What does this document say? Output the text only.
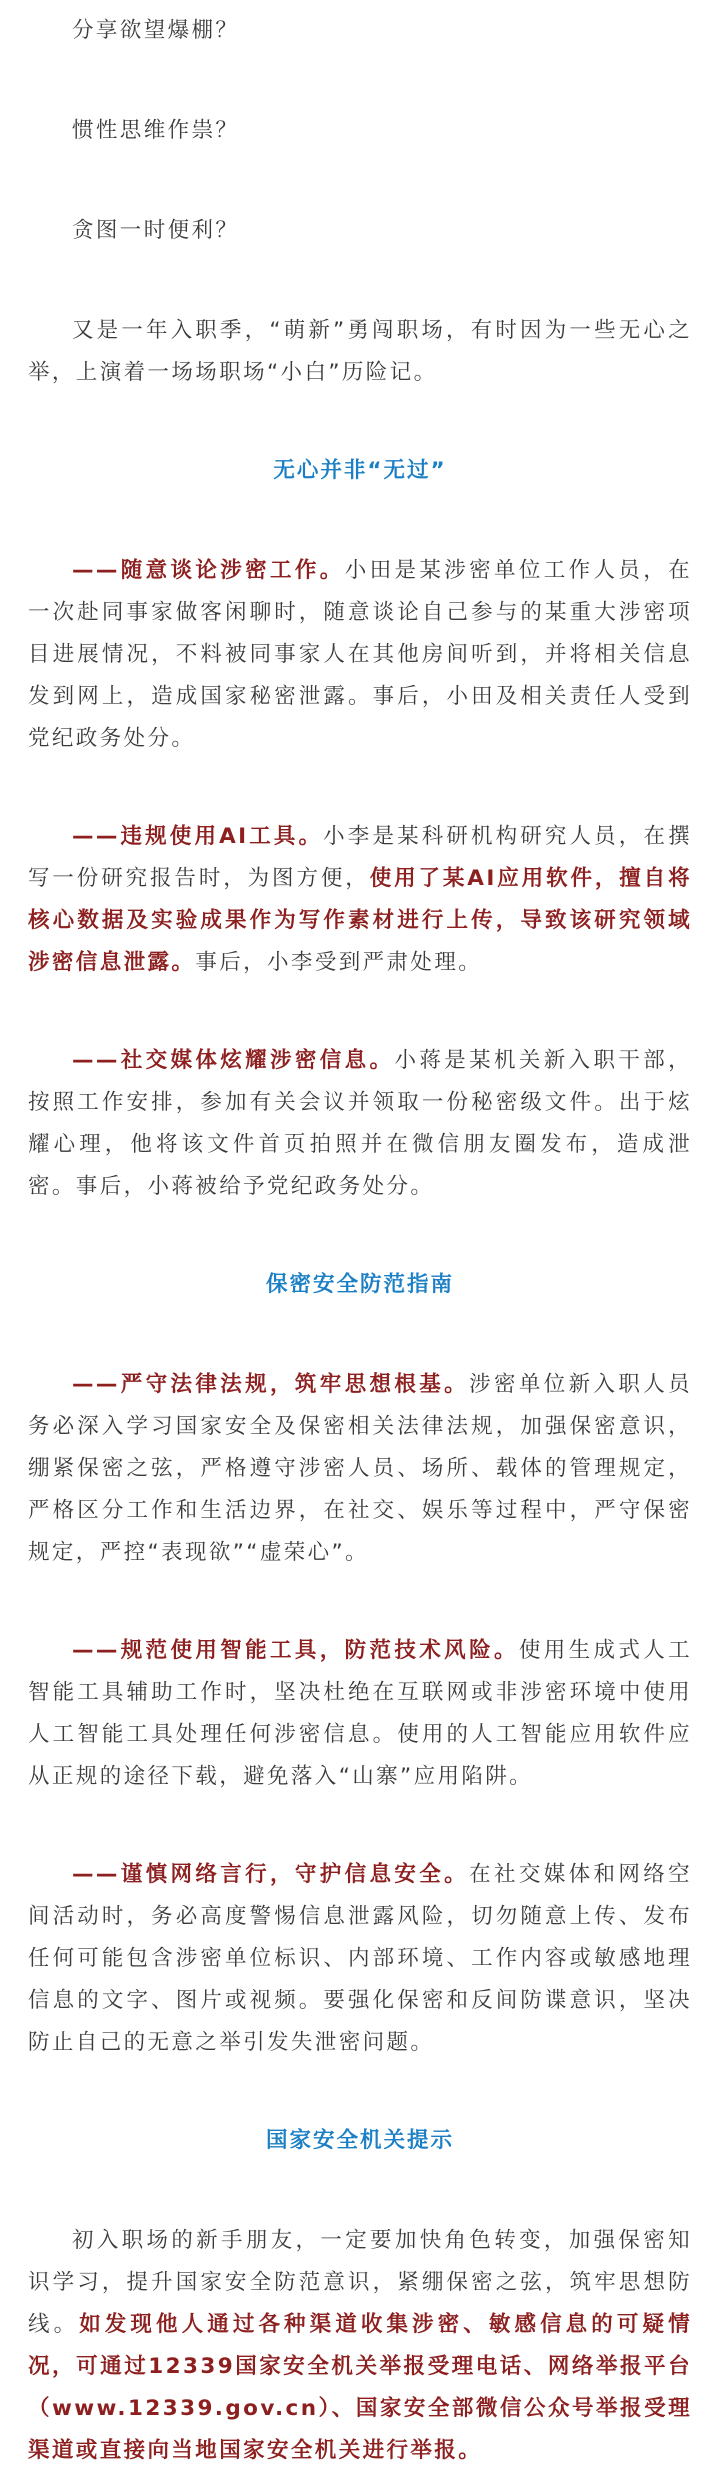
分享欲望爆棚？

惯性思维作祟？

贪图一时便利？

又是一年入职季，“萌新”勇闯职场，有时因为一些无心之举，上演着一场场职场“小白”历险记。

无心并非“无过”

——随意谈论涉密工作。小田是某涉密单位工作人员，在一次赴同事家做客闲聊时，随意谈论自己参与的某重大涉密项目进展情况，不料被同事家人在其他房间听到，并将相关信息发到网上，造成国家秘密泄露。事后，小田及相关责任人受到党纪政务处分。

——违规使用AI工具。小李是某科研机构研究人员，在撰写一份研究报告时，为图方便，使用了某AI应用软件，擅自将核心数据及实验成果作为写作素材进行上传，导致该研究领域涉密信息泄露。事后，小李受到严肃处理。

——社交媒体炫耀涉密信息。小蒋是某机关新入职干部，按照工作安排，参加有关会议并领取一份秘密级文件。出于炫耀心理，他将该文件首页拍照并在微信朋友圈发布，造成泄密。事后，小蒋被给予党纪政务处分。

保密安全防范指南

——严守法律法规，筑牢思想根基。涉密单位新入职人员务必深入学习国家安全及保密相关法律法规，加强保密意识，绷紧保密之弦，严格遵守涉密人员、场所、载体的管理规定，严格区分工作和生活边界，在社交、娱乐等过程中，严守保密规定，严控“表现欲”“虚荣心”。

——规范使用智能工具，防范技术风险。使用生成式人工智能工具辅助工作时，坚决杜绝在互联网或非涉密环境中使用人工智能工具处理任何涉密信息。使用的人工智能应用软件应从正规的途径下载，避免落入“山寨”应用陷阱。

——谨慎网络言行，守护信息安全。在社交媒体和网络空间活动时，务必高度警惕信息泄露风险，切勿随意上传、发布任何可能包含涉密单位标识、内部环境、工作内容或敏感地理信息的文字、图片或视频。要强化保密和反间防谍意识，坚决防止自己的无意之举引发失泄密问题。

国家安全机关提示

初入职场的新手朋友，一定要加快角色转变，加强保密知识学习，提升国家安全防范意识，紧绷保密之弦，筑牢思想防线。如发现他人通过各种渠道收集涉密、敏感信息的可疑情况，可通过12339国家安全机关举报受理电话、网络举报平台（www.12339.gov.cn）、国家安全部微信公众号举报受理渠道或直接向当地国家安全机关进行举报。
